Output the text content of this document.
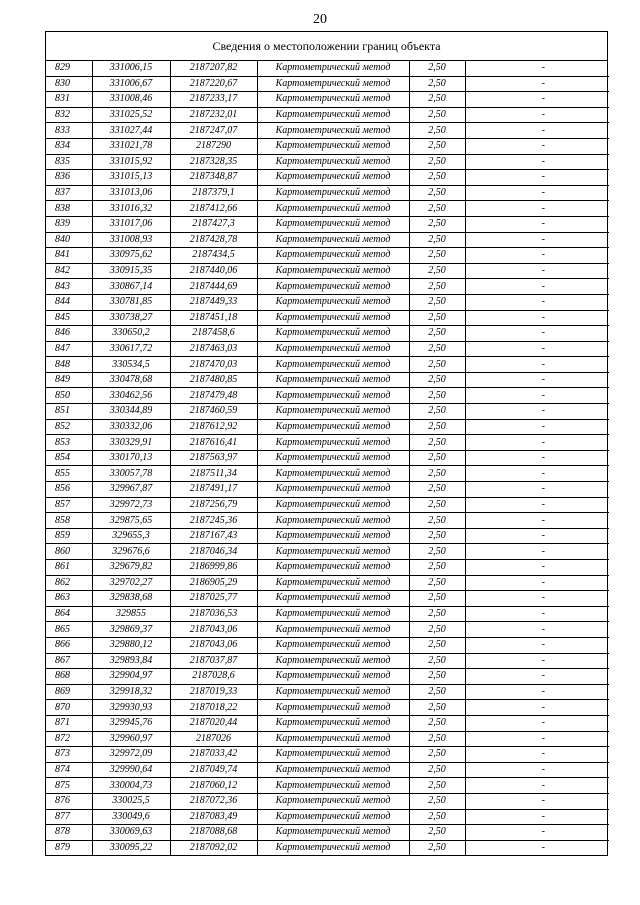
20
Сведения о местоположении границ объекта
829	331006,15	2187207,82	Картометрический метод	2,50	-
830	331006,67	2187220,67	Картометрический метод	2,50	-
831	331008,46	2187233,17	Картометрический метод	2,50	-
832	331025,52	2187232,01	Картометрический метод	2,50	-
833	331027,44	2187247,07	Картометрический метод	2,50	-
834	331021,78	2187290	Картометрический метод	2,50	-
835	331015,92	2187328,35	Картометрический метод	2,50	-
836	331015,13	2187348,87	Картометрический метод	2,50	-
837	331013,06	2187379,1	Картометрический метод	2,50	-
838	331016,32	2187412,66	Картометрический метод	2,50	-
839	331017,06	2187427,3	Картометрический метод	2,50	-
840	331008,93	2187428,78	Картометрический метод	2,50	-
841	330975,62	2187434,5	Картометрический метод	2,50	-
842	330915,35	2187440,06	Картометрический метод	2,50	-
843	330867,14	2187444,69	Картометрический метод	2,50	-
844	330781,85	2187449,33	Картометрический метод	2,50	-
845	330738,27	2187451,18	Картометрический метод	2,50	-
846	330650,2	2187458,6	Картометрический метод	2,50	-
847	330617,72	2187463,03	Картометрический метод	2,50	-
848	330534,5	2187470,03	Картометрический метод	2,50	-
849	330478,68	2187480,85	Картометрический метод	2,50	-
850	330462,56	2187479,48	Картометрический метод	2,50	-
851	330344,89	2187460,59	Картометрический метод	2,50	-
852	330332,06	2187612,92	Картометрический метод	2,50	-
853	330329,91	2187616,41	Картометрический метод	2,50	-
854	330170,13	2187563,97	Картометрический метод	2,50	-
855	330057,78	2187511,34	Картометрический метод	2,50	-
856	329967,87	2187491,17	Картометрический метод	2,50	-
857	329972,73	2187256,79	Картометрический метод	2,50	-
858	329875,65	2187245,36	Картометрический метод	2,50	-
859	329655,3	2187167,43	Картометрический метод	2,50	-
860	329676,6	2187046,34	Картометрический метод	2,50	-
861	329679,82	2186999,86	Картометрический метод	2,50	-
862	329702,27	2186905,29	Картометрический метод	2,50	-
863	329838,68	2187025,77	Картометрический метод	2,50	-
864	329855	2187036,53	Картометрический метод	2,50	-
865	329869,37	2187043,06	Картометрический метод	2,50	-
866	329880,12	2187043,06	Картометрический метод	2,50	-
867	329893,84	2187037,87	Картометрический метод	2,50	-
868	329904,97	2187028,6	Картометрический метод	2,50	-
869	329918,32	2187019,33	Картометрический метод	2,50	-
870	329930,93	2187018,22	Картометрический метод	2,50	-
871	329945,76	2187020,44	Картометрический метод	2,50	-
872	329960,97	2187026	Картометрический метод	2,50	-
873	329972,09	2187033,42	Картометрический метод	2,50	-
874	329990,64	2187049,74	Картометрический метод	2,50	-
875	330004,73	2187060,12	Картометрический метод	2,50	-
876	330025,5	2187072,36	Картометрический метод	2,50	-
877	330049,6	2187083,49	Картометрический метод	2,50	-
878	330069,63	2187088,68	Картометрический метод	2,50	-
879	330095,22	2187092,02	Картометрический метод	2,50	-
